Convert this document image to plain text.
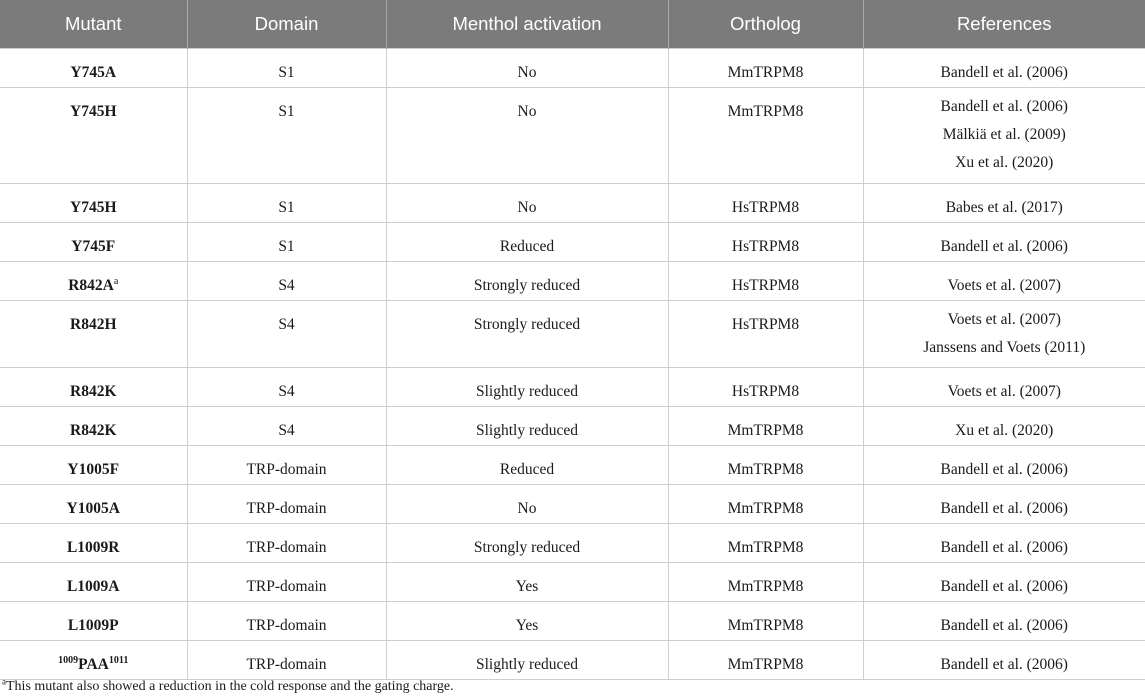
Mutant	Domain	Menthol activation	Ortholog	References
Y745A	S1	No	MmTRPM8	Bandell et al. (2006)
Y745H	S1	No	MmTRPM8	Bandell et al. (2006)
Mälkiä et al. (2009)
Xu et al. (2020)

Y745H	S1	No	HsTRPM8	Babes et al. (2017)
Y745F	S1	Reduced	HsTRPM8	Bandell et al. (2006)
$R842A^a$	S4	Strongly reduced	HsTRPM8	Voets et al. (2007)
R842H	S4	Strongly reduced	HsTRPM8	Voets et al. (2007)
Janssens and Voets (2011)

R842K	S4	Slightly reduced	HsTRPM8	Voets et al. (2007)
R842K	S4	Slightly reduced	MmTRPM8	Xu et al. (2020)
Y1005F	TRP-domain	Reduced	MmTRPM8	Bandell et al. (2006)
Y1005A	TRP-domain	No	MmTRPM8	Bandell et al. (2006)
L1009R	TRP-domain	Strongly reduced	MmTRPM8	Bandell et al. (2006)
L1009A	TRP-domain	Yes	MmTRPM8	Bandell et al. (2006)
L1009P	TRP-domain	Yes	MmTRPM8	Bandell et al. (2006)
$^{1009}PAA^{1011}$	TRP-domain	Slightly reduced	MmTRPM8	Bandell et al. (2006)
$^a$This mutant also showed a reduction in the cold response and the gating charge.
